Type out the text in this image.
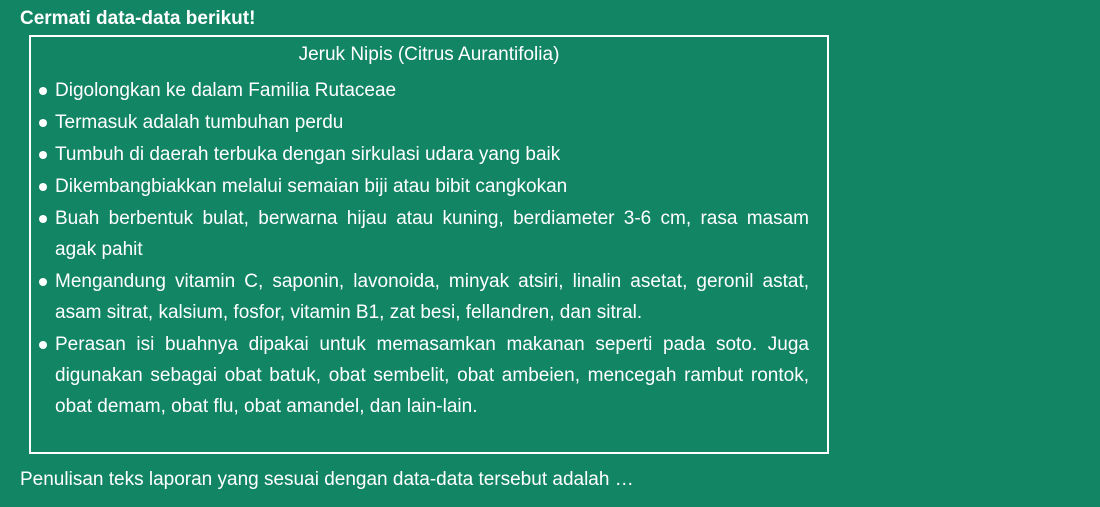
Cermati data-data berikut!
Jeruk Nipis (Citrus Aurantifolia)
Digolongkan ke dalam Familia Rutaceae
Termasuk adalah tumbuhan perdu
Tumbuh di daerah terbuka dengan sirkulasi udara yang baik
Dikembangbiakkan melalui semaian biji atau bibit cangkokan
Buah berbentuk bulat, berwarna hijau atau kuning, berdiameter 3-6 cm, rasa masam agak pahit
Mengandung vitamin C, saponin, lavonoida, minyak atsiri, linalin asetat, geronil astat, asam sitrat, kalsium, fosfor, vitamin B1, zat besi, fellandren, dan sitral.
Perasan isi buahnya dipakai untuk memasamkan makanan seperti pada soto. Juga digunakan sebagai obat batuk, obat sembelit, obat ambeien, mencegah rambut rontok, obat demam, obat flu, obat amandel, dan lain-lain.
Penulisan teks laporan yang sesuai dengan data-data tersebut adalah …
